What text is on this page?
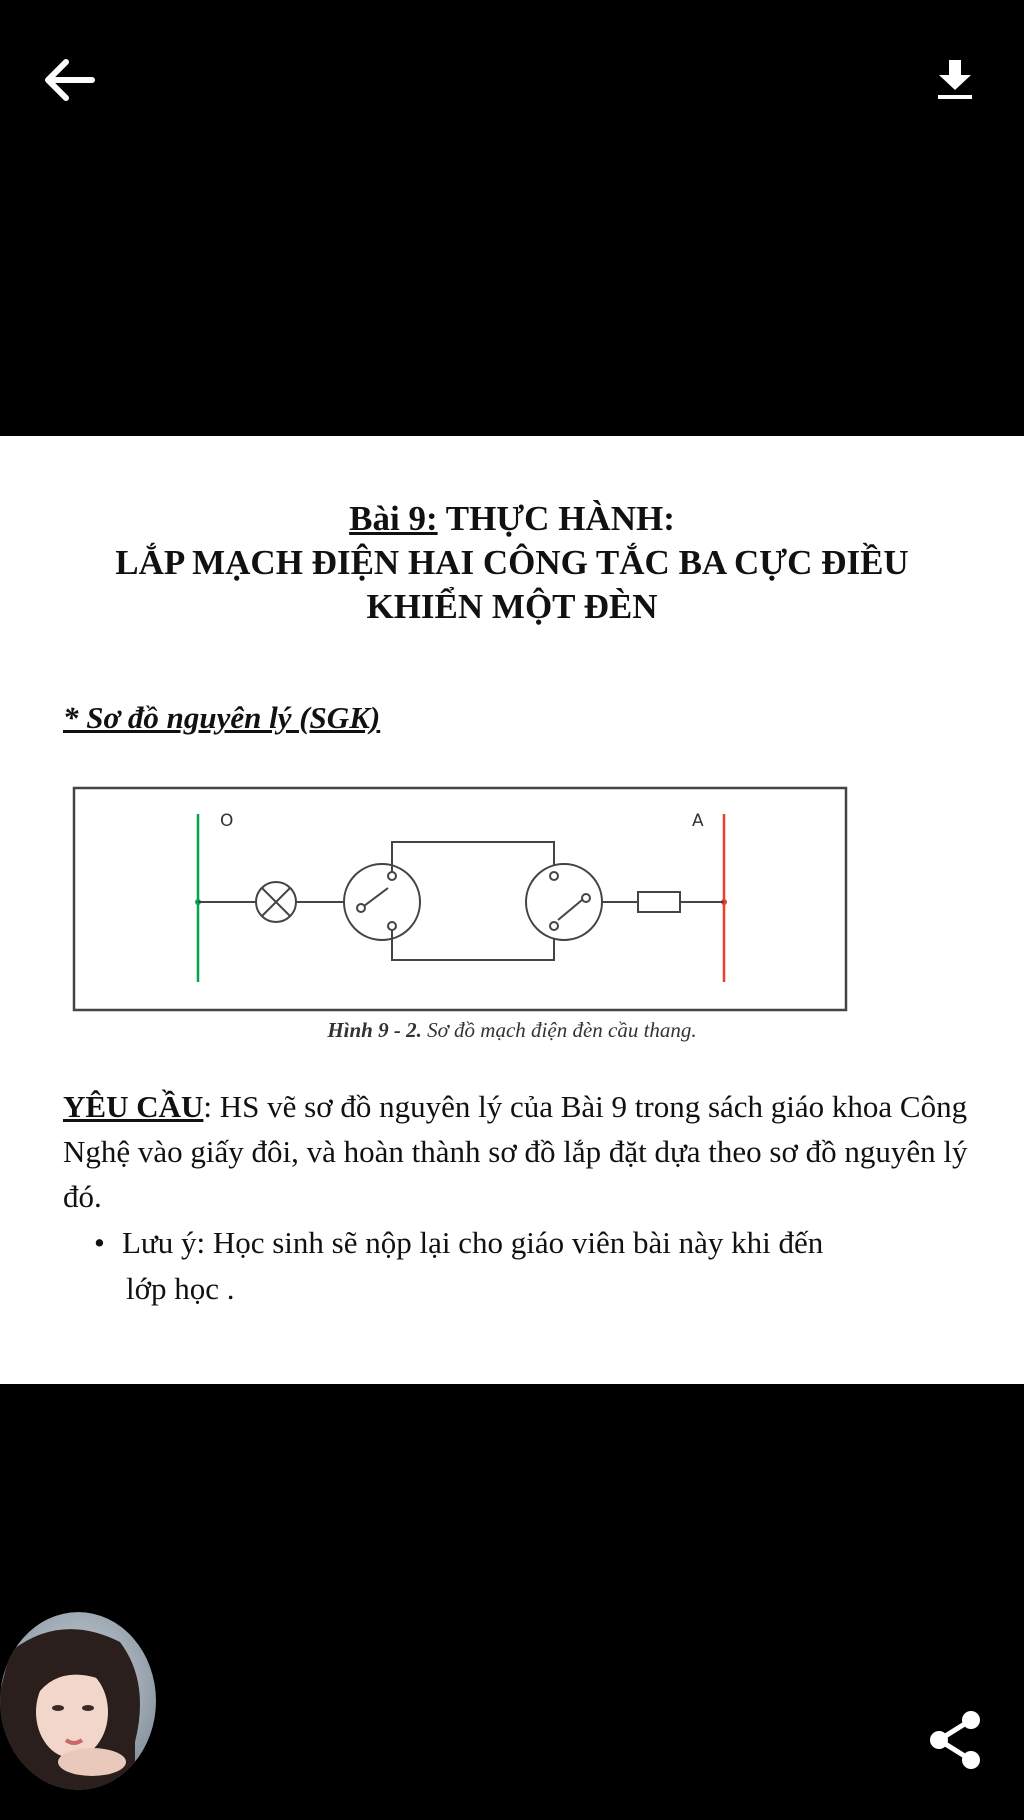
Bài 9: THỰC HÀNH:
LẮP MẠCH ĐIỆN HAI CÔNG TẮC BA CỰC ĐIỀU
KHIỂN MỘT ĐÈN
* Sơ đồ nguyên lý (SGK)
O	A
Hình 9 - 2. Sơ đồ mạch điện đèn cầu thang.
YÊU CẦU: HS vẽ sơ đồ nguyên lý của Bài 9 trong sách giáo khoa Công Nghệ vào giấy đôi, và hoàn thành sơ đồ lắp đặt dựa theo sơ đồ nguyên lý đó.
• Lưu ý: Học sinh sẽ nộp lại cho giáo viên bài này khi đến
lớp học .
